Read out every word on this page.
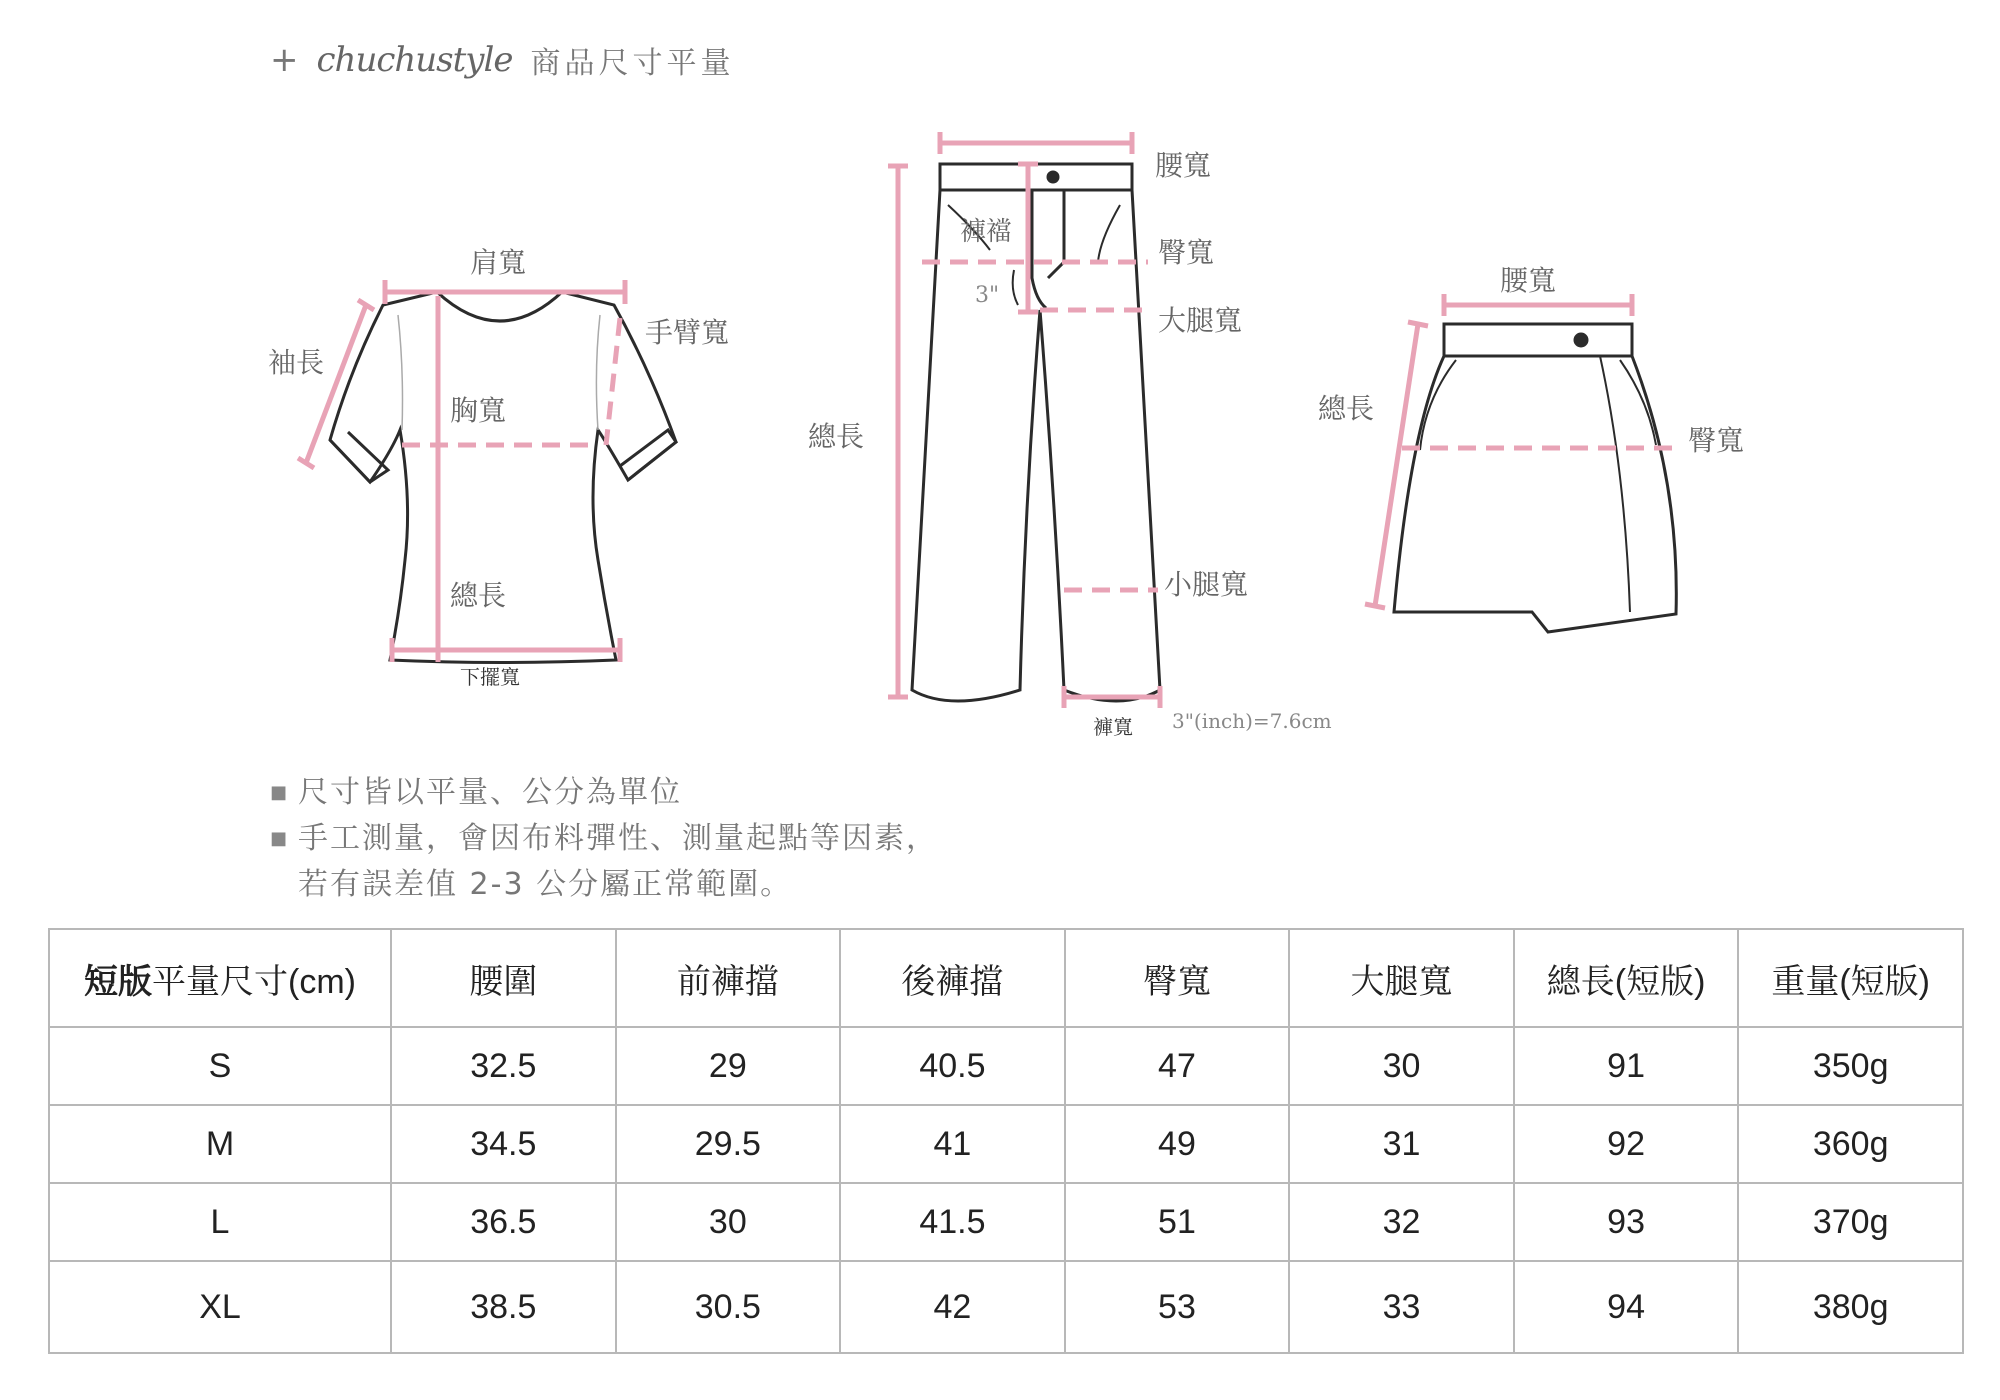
+ chuchustyle 商品尺寸平量
肩寬
手臂寬
袖長
胸寬
總長
下擺寬
腰寬
褲襠
臀寬
3"
大腿寬
總長
小腿寬
褲寬 3"(inch)=7.6cm
腰寬
總長
臀寬
■ 尺寸皆以平量、公分為單位
■ 手工測量，會因布料彈性、測量起點等因素，
若有誤差值 2-3 公分屬正常範圍。
短版平量尺寸(cm)	腰圍	前褲擋	後褲擋	臀寬	大腿寬	總長(短版)	重量(短版)
S	32.5	29	40.5	47	30	91	350g
M	34.5	29.5	41	49	31	92	360g
L	36.5	30	41.5	51	32	93	370g
XL	38.5	30.5	42	53	33	94	380g
